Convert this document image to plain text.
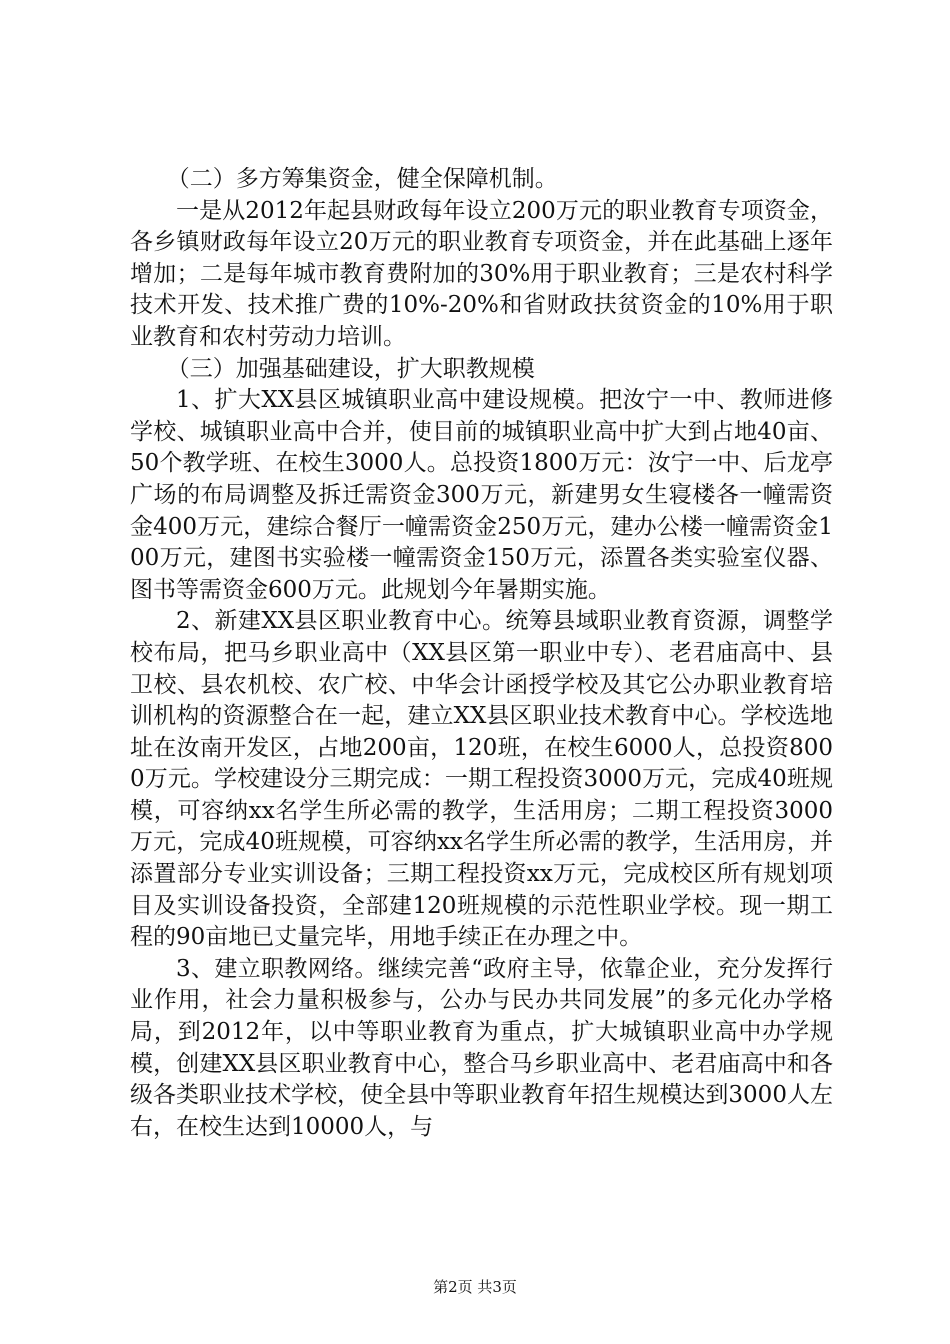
（二）多方筹集资金，健全保障机制。

一是从2012年起县财政每年设立200万元的职业教育专项资金，各乡镇财政每年设立20万元的职业教育专项资金，并在此基础上逐年增加；二是每年城市教育费附加的30%用于职业教育；三是农村科学技术开发、技术推广费的10%-20%和省财政扶贫资金的10%用于职业教育和农村劳动力培训。

（三）加强基础建设，扩大职教规模

1、扩大XX县区城镇职业高中建设规模。把汝宁一中、教师进修学校、城镇职业高中合并，使目前的城镇职业高中扩大到占地40亩、50个教学班、在校生3000人。总投资1800万元：汝宁一中、后龙亭广场的布局调整及拆迁需资金300万元，新建男女生寝楼各一幢需资金400万元，建综合餐厅一幢需资金250万元，建办公楼一幢需资金100万元，建图书实验楼一幢需资金150万元，添置各类实验室仪器、图书等需资金600万元。此规划今年暑期实施。

2、新建XX县区职业教育中心。统筹县域职业教育资源，调整学校布局，把马乡职业高中（XX县区第一职业中专）、老君庙高中、县卫校、县农机校、农广校、中华会计函授学校及其它公办职业教育培训机构的资源整合在一起，建立XX县区职业技术教育中心。学校选地址在汝南开发区，占地200亩，120班，在校生6000人，总投资8000万元。学校建设分三期完成：一期工程投资3000万元，完成40班规模，可容纳xx名学生所必需的教学，生活用房；二期工程投资3000万元，完成40班规模，可容纳xx名学生所必需的教学，生活用房，并添置部分专业实训设备；三期工程投资xx万元，完成校区所有规划项目及实训设备投资，全部建120班规模的示范性职业学校。现一期工程的90亩地已丈量完毕，用地手续正在办理之中。

3、建立职教网络。继续完善“政府主导，依靠企业，充分发挥行业作用，社会力量积极参与，公办与民办共同发展”的多元化办学格局，到2012年，以中等职业教育为重点，扩大城镇职业高中办学规模，创建XX县区职业教育中心，整合马乡职业高中、老君庙高中和各级各类职业技术学校，使全县中等职业教育年招生规模达到3000人左右，在校生达到10000人，与

第2页 共3页
